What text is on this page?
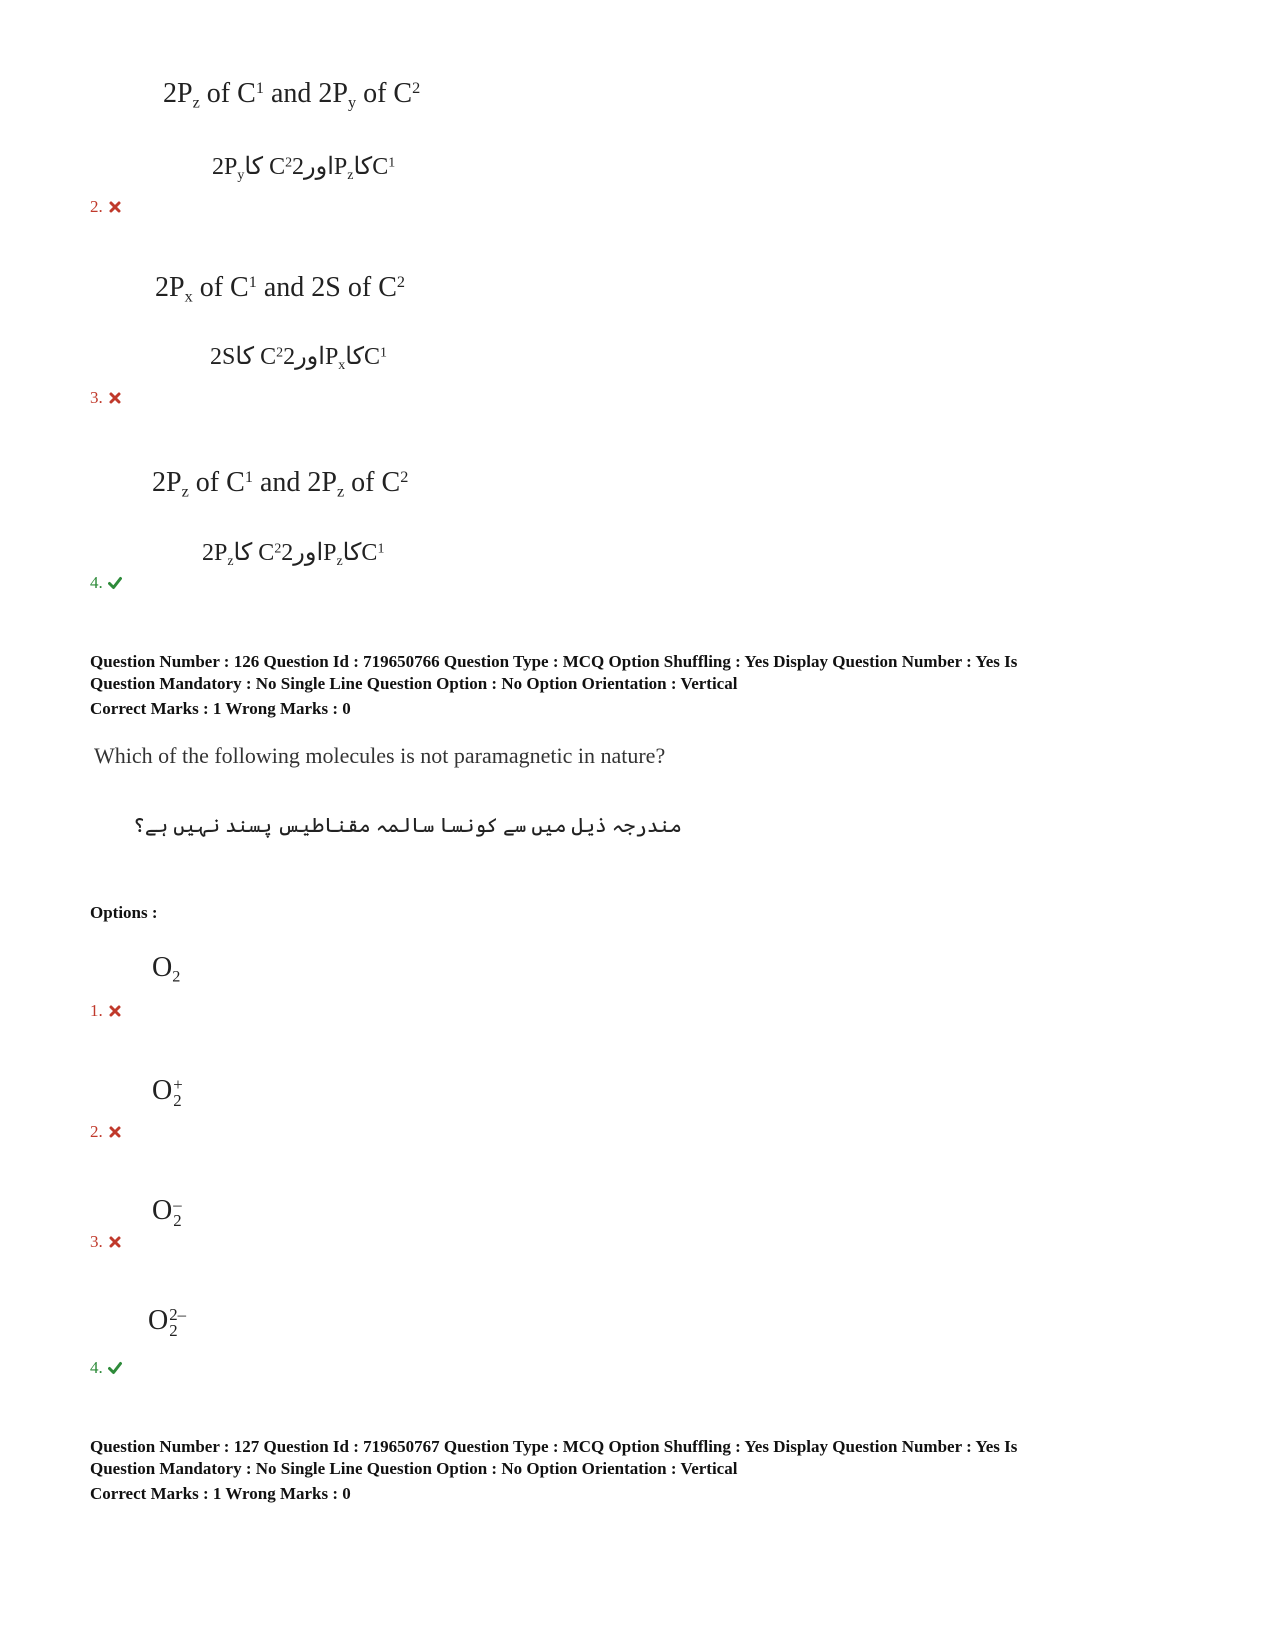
$2P_z$ of $C^1$ and $2P_y$ of $C^2$
$2P_yکا$ $C^2اور2P_zکاC^1$
2.
$2P_x$ of $C^1$ and 2S of $C^2$
2Sکا $C^2اور2P_xکاC^1$
3.
$2P_z$ of $C^1$ and $2P_z$ of $C^2$
$2P_zکا$ $C^2اور2P_zکاC^1$
4.
Question Number : 126 Question Id : 719650766 Question Type : MCQ Option Shuffling : Yes Display Question Number : Yes Is
Question Mandatory : No Single Line Question Option : No Option Orientation : Vertical
Correct Marks : 1 Wrong Marks : 0
Which of the following molecules is not paramagnetic in nature?
مندرجہ ذیل میں سے کونسا سالمہ مقناطیس پسند نہیں ہے؟
Options :
$O_2$
1.
O +
2
2.
O –
2
3.
O 2–
2
4.
Question Number : 127 Question Id : 719650767 Question Type : MCQ Option Shuffling : Yes Display Question Number : Yes Is
Question Mandatory : No Single Line Question Option : No Option Orientation : Vertical
Correct Marks : 1 Wrong Marks : 0
